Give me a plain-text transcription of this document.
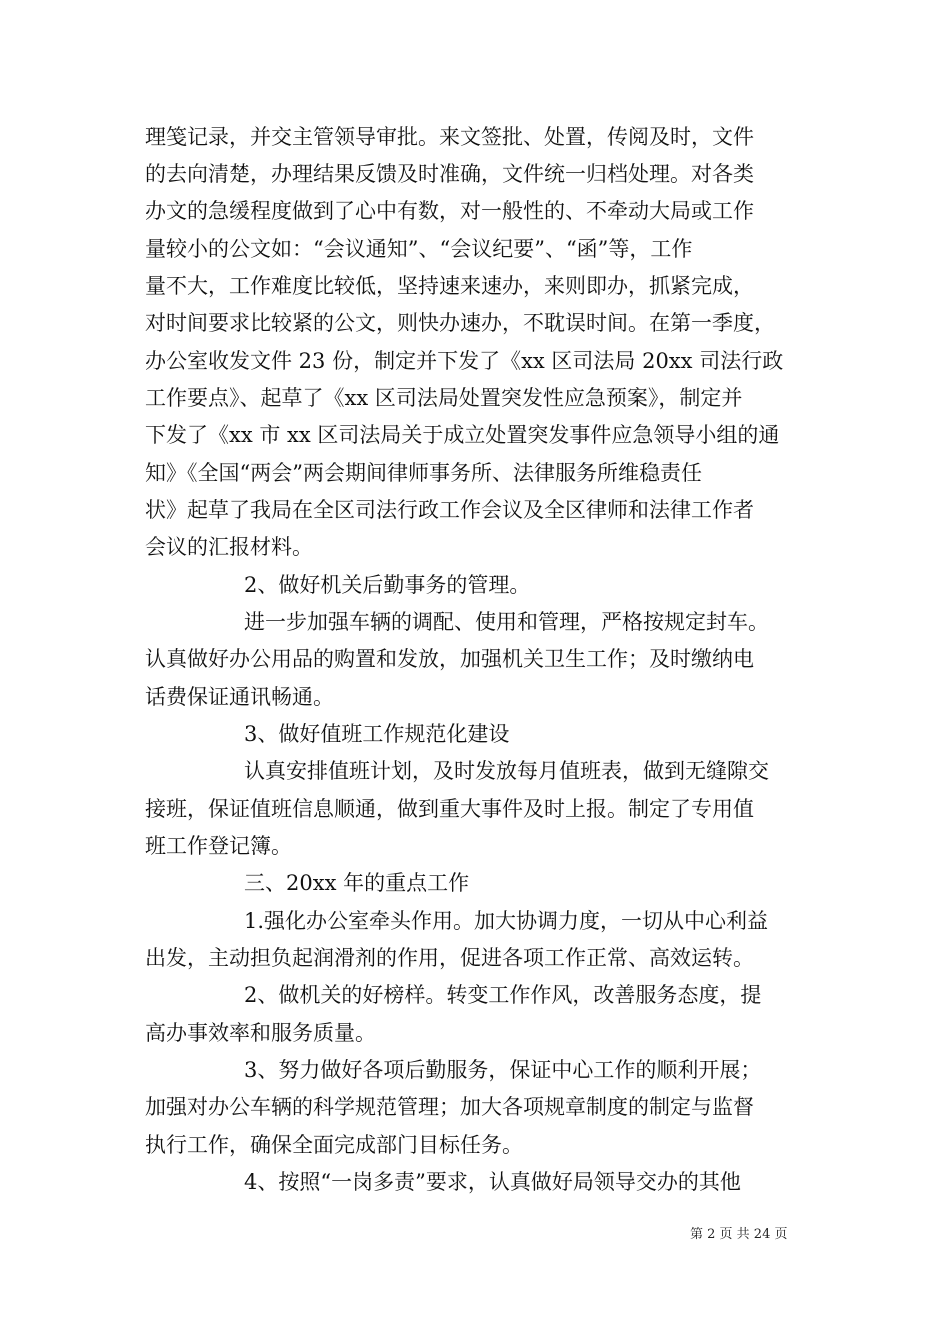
理笺记录，并交主管领导审批。来文签批、处置，传阅及时，文件
的去向清楚，办理结果反馈及时准确，文件统一归档处理。对各类
办文的急缓程度做到了心中有数，对一般性的、不牵动大局或工作
量较小的公文如：“会议通知”、“会议纪要”、“函”等，工作
量不大，工作难度比较低，坚持速来速办，来则即办，抓紧完成，
对时间要求比较紧的公文，则快办速办，不耽误时间。在第一季度，
办公室收发文件 23 份，制定并下发了《xx 区司法局 20xx 司法行政
工作要点》、起草了《xx 区司法局处置突发性应急预案》，制定并
下发了《xx 市 xx 区司法局关于成立处置突发事件应急领导小组的通
知》《全国“两会”两会期间律师事务所、法律服务所维稳责任
状》起草了我局在全区司法行政工作会议及全区律师和法律工作者
会议的汇报材料。
2、做好机关后勤事务的管理。
进一步加强车辆的调配、使用和管理，严格按规定封车。
认真做好办公用品的购置和发放，加强机关卫生工作；及时缴纳电
话费保证通讯畅通。
3、做好值班工作规范化建设
认真安排值班计划，及时发放每月值班表，做到无缝隙交
接班，保证值班信息顺通，做到重大事件及时上报。制定了专用值
班工作登记簿。
三、20xx 年的重点工作
1.强化办公室牵头作用。加大协调力度，一切从中心利益
出发，主动担负起润滑剂的作用，促进各项工作正常、高效运转。
2、做机关的好榜样。转变工作作风，改善服务态度，提
高办事效率和服务质量。
3、努力做好各项后勤服务，保证中心工作的顺利开展；
加强对办公车辆的科学规范管理；加大各项规章制度的制定与监督
执行工作，确保全面完成部门目标任务。
4、按照“一岗多责”要求，认真做好局领导交办的其他
第 2 页 共 24 页
